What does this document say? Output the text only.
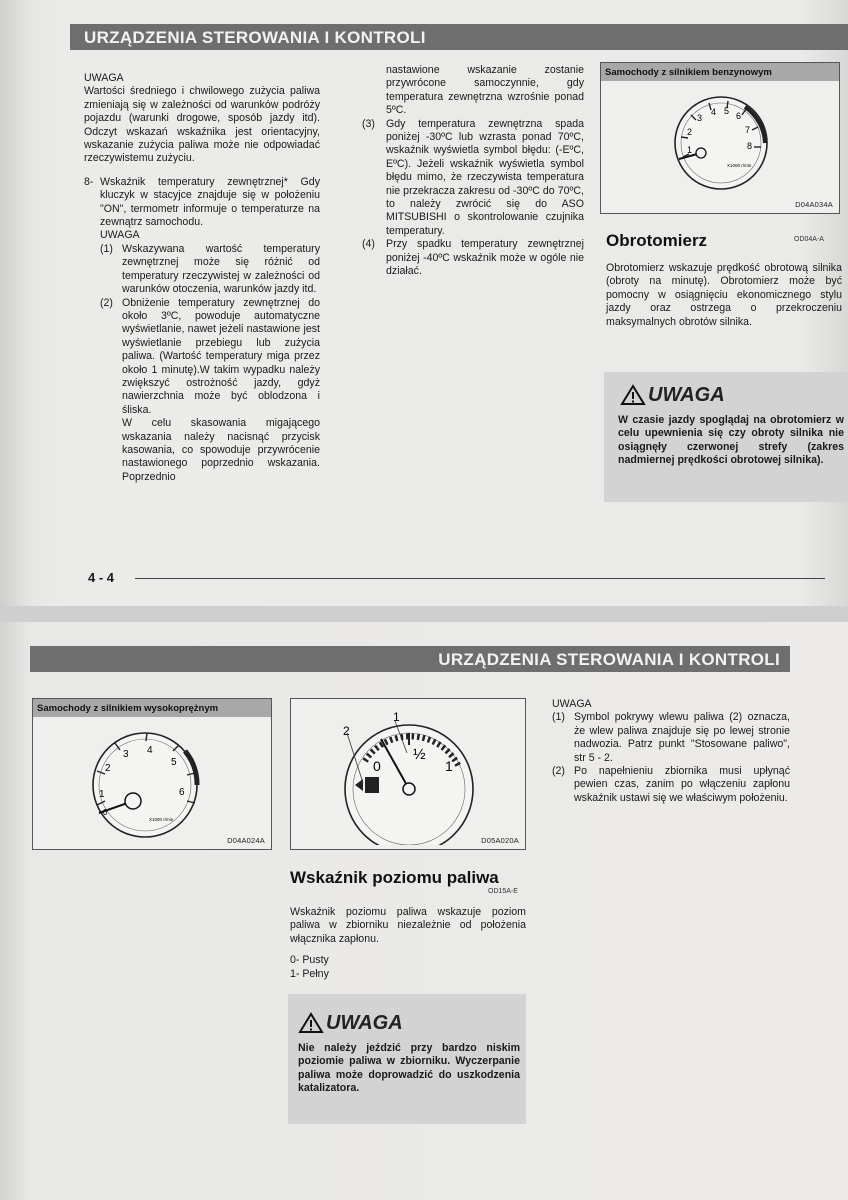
URZĄDZENIA STEROWANIA I KONTROLI

UWAGA

Wartości średniego i chwilowego zużycia paliwa zmieniają się w zależności od warunków podróży pojazdu (warunki drogowe, sposób jazdy itd). Odczyt wskazań wskaźnika jest orientacyjny, wskazanie zużycia paliwa może nie odpowiadać rzeczywistemu zużyciu.

8- Wskaźnik temperatury zewnętrznej* Gdy kluczyk w stacyjce znajduje się w położeniu "ON", termometr informuje o temperaturze na zewnątrz samochodu.

UWAGA

(1) Wskazywana wartość temperatury zewnętrznej może się różnić od temperatury rzeczywistej w zależności od warunków otoczenia, warunków jazdy itd.
(2) Obniżenie temperatury zewnętrznej do około 3ºC, powoduje automatyczne wyświetlanie, nawet jeżeli nastawione jest wyświetlanie przebiegu lub zużycia paliwa. (Wartość temperatury miga przez około 1 minutę).W takim wypadku należy zwiększyć ostrożność jazdy, gdyż nawierzchnia może być oblodzona i śliska.

W celu skasowania migającego wskazania należy nacisnąć przycisk kasowania, co spowoduje przywrócenie nastawionego poprzednio wskazania. Poprzednio

nastawione wskazanie zostanie przywrócone samoczynnie, gdy temperatura zewnętrzna wzrośnie ponad 5ºC.

(3)	Gdy temperatura zewnętrzna spada poniżej -30ºC lub wzrasta ponad 70ºC, wskaźnik wyświetla symbol błędu: (-EºC, EºC). Jeżeli wskaźnik wyświetla symbol błędu mimo, że rzeczywista temperatura nie przekracza zakresu od -30ºC do 70ºC, to należy zwrócić się do ASO MITSUBISHI o skontrolowanie czujnika temperatury.
(4)	Przy spadku temperatury zewnętrznej poniżej -40ºC wskaźnik może w ogóle nie działać.
Samochody z silnikiem benzynowym
1
2
3
4 5 6
7
8
X1000 r/min
D04A034A
Obrotomierz	OD04A-A
Obrotomierz wskazuje prędkość obrotową silnika (obroty na minutę). Obrotomierz może być pomocny w osiągnięciu ekonomicznego stylu jazdy oraz ostrzega o przekroczeniu maksymalnych obrotów silnika.
UWAGA
W czasie jazdy spoglądaj na obrotomierz w celu upewnienia się czy obroty silnika nie osiągnęły czerwonej strefy (zakres nadmiernej prędkości obrotowej silnika).
4 - 4
URZĄDZENIA STEROWANIA I KONTROLI
Samochody z silnikiem wysokoprężnym
1
2
3 4
5
6
0
X1000 r/min
D04A024A
0
½
1
2
1
D05A020A
Wskaźnik poziomu paliwa
OD15A-E
Wskaźnik poziomu paliwa wskazuje poziom paliwa w zbiorniku niezależnie od położenia włącznika zapłonu.
0- Pusty
1- Pełny
UWAGA
Nie należy jeździć przy bardzo niskim poziomie paliwa w zbiorniku. Wyczerpanie paliwa może doprowadzić do uszkodzenia katalizatora.

UWAGA

(1) Symbol pokrywy wlewu paliwa (2) oznacza, że wlew paliwa znajduje się po lewej stronie nadwozia. Patrz punkt "Stosowane paliwo", str 5 - 2.
(2) Po napełnieniu zbiornika musi upłynąć pewien czas, zanim po włączeniu zapłonu wskaźnik ustawi się we właściwym położeniu.
